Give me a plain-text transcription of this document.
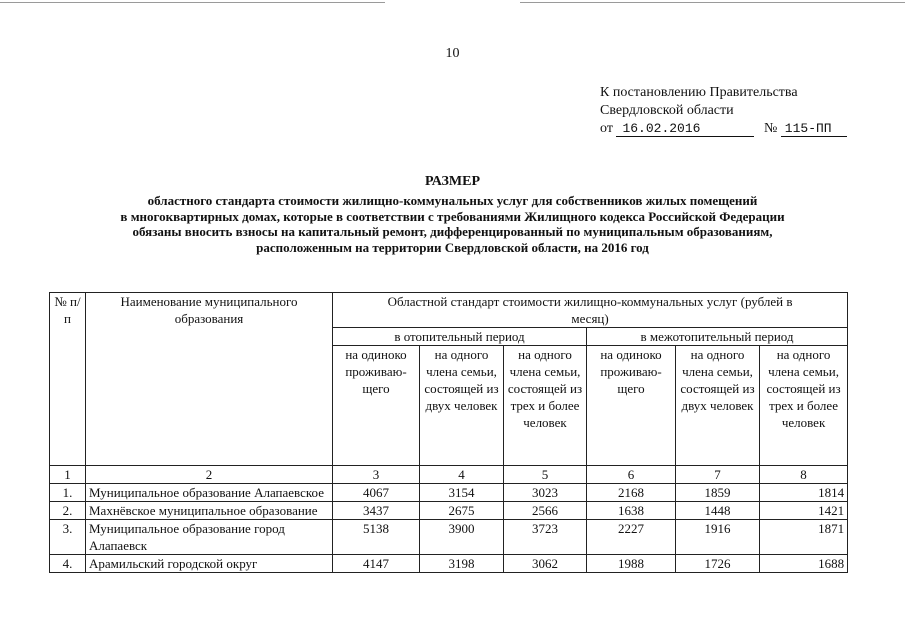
10
К постановлению Правительства
Свердловской области
от 16.02.2016	№ 115-ПП
РАЗМЕР
областного стандарта стоимости жилищно-коммунальных услуг для собственников жилых помещений
в многоквартирных домах, которые в соответствии с требованиями Жилищного кодекса Российской Федерации
обязаны вносить взносы на капитальный ремонт, дифференцированный по муниципальным образованиям,
расположенным на территории Свердловской области, на 2016 год
№ п/п	Наименование муниципального образования	Областной стандарт стоимости жилищно-коммунальных услуг (рублей в месяц)					
		в отопительный период			в межотопительный период		
		на одиноко проживаю-щего	на одного члена семьи, состоящей из двух человек	на одного члена семьи, состоящей из трех и более человек	на одиноко проживаю-щего	на одного члена семьи, состоящей из двух человек	на одного члена семьи, состоящей из трех и более человек
1	2	3	4	5	6	7	8
1.	Муниципальное образование Алапаевское	4067	3154	3023	2168	1859	1814
2.	Махнёвское муниципальное образование	3437	2675	2566	1638	1448	1421
3.	Муниципальное образование город Алапаевск	5138	3900	3723	2227	1916	1871
4.	Арамильский городской округ	4147	3198	3062	1988	1726	1688
